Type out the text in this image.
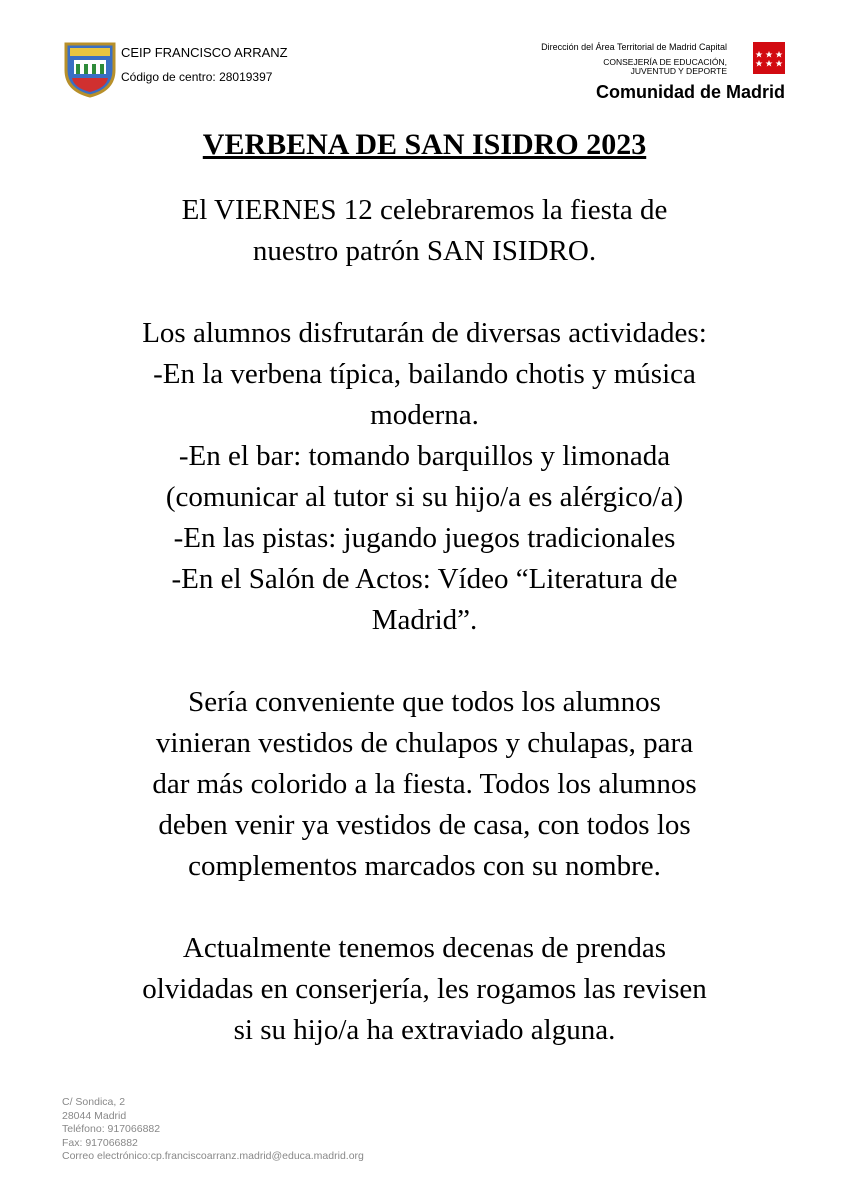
CEIP FRANCISCO ARRANZ
Código de centro: 28019397
Dirección del Área Territorial de Madrid Capital
CONSEJERÍA DE EDUCACIÓN,
JUVENTUD Y DEPORTE
Comunidad de Madrid
VERBENA DE SAN ISIDRO 2023
El VIERNES 12 celebraremos la fiesta de
nuestro patrón SAN ISIDRO.
Los alumnos disfrutarán de diversas actividades:
-En la verbena típica, bailando chotis y música
moderna.
-En el bar: tomando barquillos y limonada
(comunicar al tutor si su hijo/a es alérgico/a)
-En las pistas: jugando juegos tradicionales
-En el Salón de Actos: Vídeo “Literatura de
Madrid”.
Sería conveniente que todos los alumnos
vinieran vestidos de chulapos y chulapas, para
dar más colorido a la fiesta. Todos los alumnos
deben venir ya vestidos de casa, con todos los
complementos marcados con su nombre.
Actualmente tenemos decenas de prendas
olvidadas en conserjería, les rogamos las revisen
si su hijo/a ha extraviado alguna.
C/ Sondica, 2
28044 Madrid
Teléfono: 917066882
Fax: 917066882
Correo electrónico:cp.franciscoarranz.madrid@educa.madrid.org
